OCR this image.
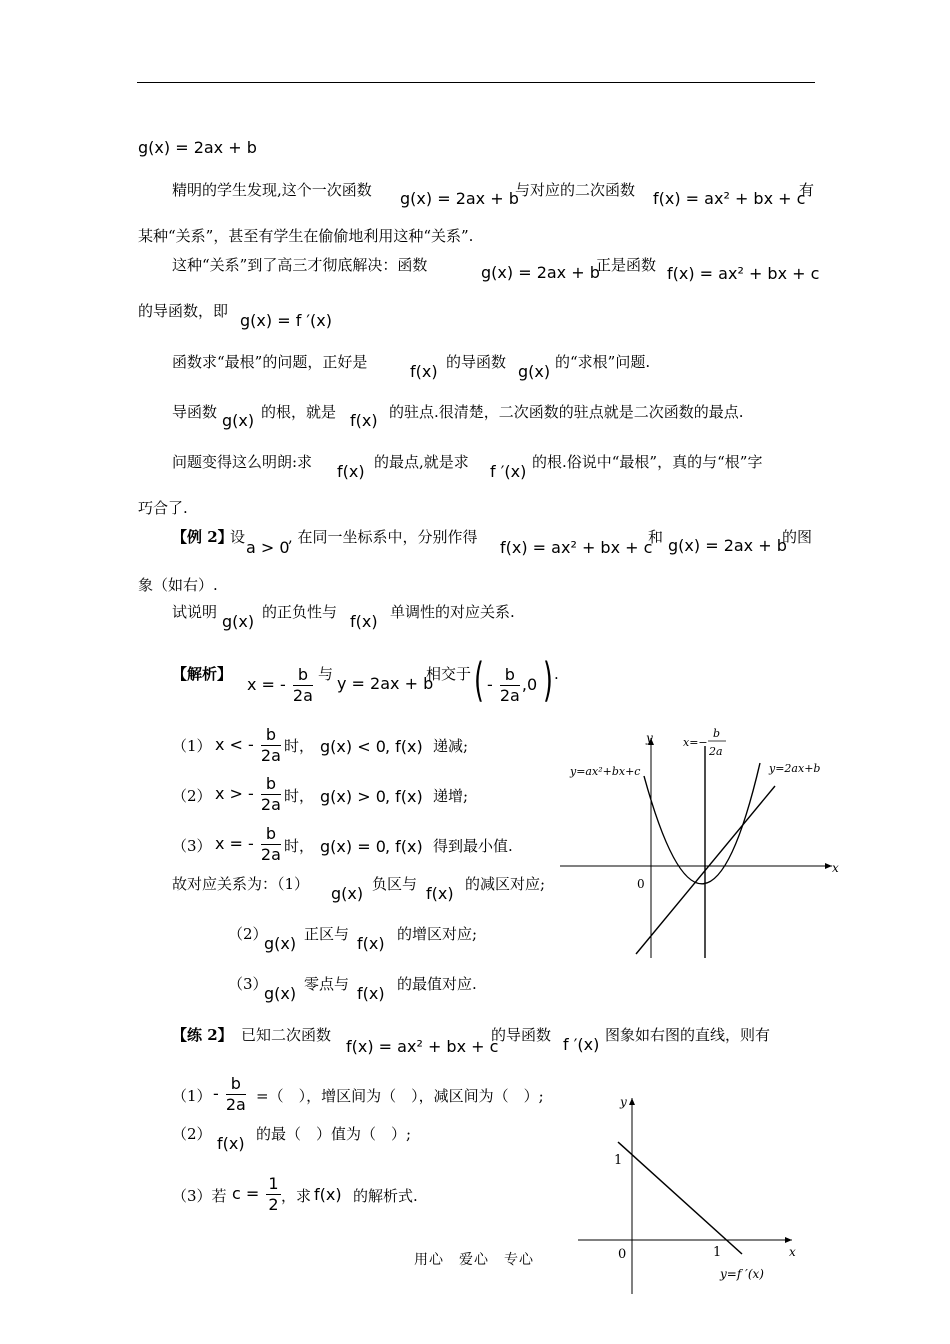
g(x) = 2ax + b
精明的学生发现,这个一次函数 g(x) = 2ax + b
与对应的二次函数 f(x) = ax² + bx + c
有
某种“关系”，甚至有学生在偷偷地利用这种“关系”.
这种“关系”到了高三才彻底解决：函数	g(x) = 2ax + b
正是函数 f(x) = ax² + bx + c
的导函数，即 g(x) = f ′(x)
函数求“最根”的问题，正好是	f(x) 的导函数 g(x) 的“求根”问题.
导函数 g(x) 的根，就是 f(x) 的驻点.很清楚，二次函数的驻点就是二次函数的最点.
问题变得这么明朗:求 f(x) 的最点,就是求 f ′(x) 的根.俗说中“最根”，真的与“根”字
巧合了.
【例 2】
设
a > 0
, 在同一坐标系中，分别作得
f(x) = ax² + bx + c
和 g(x) = 2ax + b
的图
象（如右）.
试说明 g(x) 的正负性与 f(x) 单调性的对应关系.
【解析】
x = - $\frac{b}{2a}$ 与 y = 2ax + b
相交于 ( - $\frac{b}{2a} ,0$ ) .
（1） x < - $\frac{b}{2a}$ 时， g(x) < 0 , f(x) 递减;
（2） x > - $\frac{b}{2a}$ 时， g(x) > 0 , f(x) 递增;
（3） x = - $\frac{b}{2a}$ 时， g(x) = 0 , f(x) 得到最小值.
故对应关系为：（1） g(x) 负区与 f(x) 的减区对应;
（2）
g(x) 正区与 f(x) 的增区对应;
（3）
g(x) 零点与 f(x) 的最值对应.
y
x
0
y=ax²+bx+c	y=2ax+b
x=−
b
2a
【练 2】 已知二次函数
f(x) = ax² + bx + c
的导函数 f ′(x) 图象如右图的直线，则有
$(1) - \frac{b}{2a}$ =（　），增区间为（　），减区间为（　）;
（2） f(x) 的最（　）值为（　）;
（3）若 $c = \frac{1}{2}$ ，求 f(x) 的解析式.
y
x
0
1
1
y=f ′(x)
用心　爱心　专心
